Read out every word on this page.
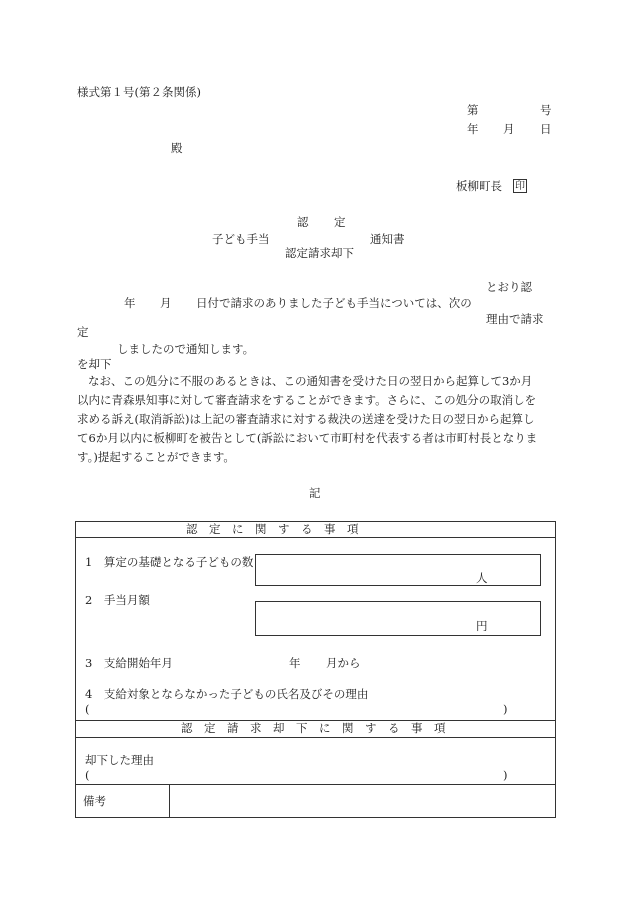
様式第１号(第２条関係)
第	号
年 月 日
殿
板柳町長 印
認 定
子ども手当	通知書
認定請求却下
とおり認
年 月 日付で請求のありました子ども手当については、次の
理由で請求
定
しましたので通知します。
を却下
なお、この処分に不服のあるときは、この通知書を受けた日の翌日から起算して3か月
以内に青森県知事に対して審査請求をすることができます。さらに、この処分の取消しを
求める訴え(取消訴訟)は上記の審査請求に対する裁決の送達を受けた日の翌日から起算し
て6か月以内に板柳町を被告として(訴訟において市町村を代表する者は市町村長となりま
す。)提起することができます。
記
認　定　に　関　す　る　事　項
1　算定の基礎となる子どもの数
人
2　手当月額
円
3　支給開始年月	年 月から
4　支給対象とならなかった子どもの氏名及びその理由
(	)
認　定　請　求　却　下　に　関　す　る　事　項
却下した理由
(	)
備考
